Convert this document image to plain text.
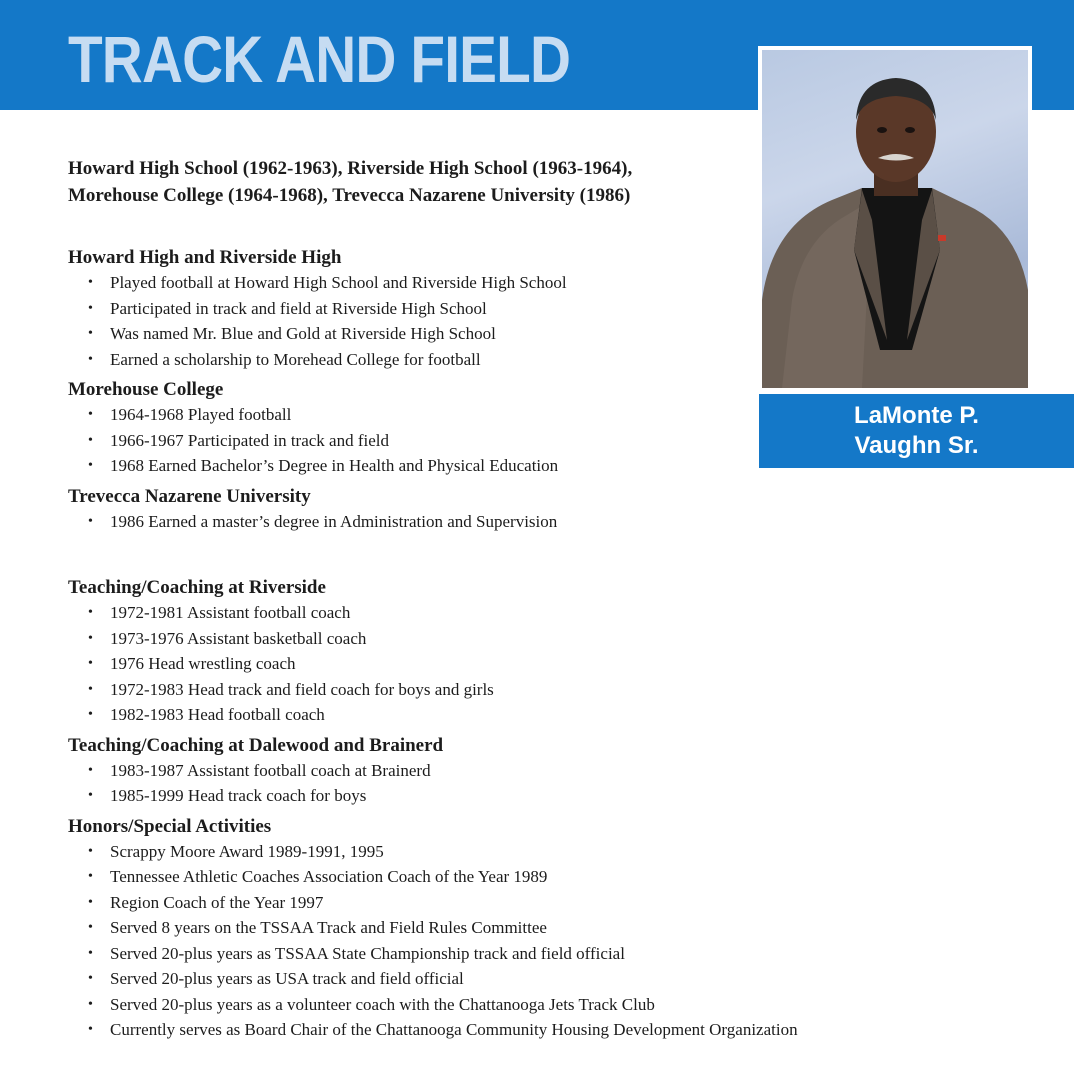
TRACK AND FIELD
LaMonte P.
Vaughn Sr.

Howard High School (1962-1963), Riverside High School (1963-1964),
Morehouse College (1964-1968), Trevecca Nazarene University (1986)

Howard High and Riverside High
• Played football at Howard High School and Riverside High School
• Participated in track and field at Riverside High School
• Was named Mr. Blue and Gold at Riverside High School
• Earned a scholarship to Morehead College for football
Morehouse College
• 1964-1968 Played football
• 1966-1967 Participated in track and field
• 1968 Earned Bachelor’s Degree in Health and Physical Education
Trevecca Nazarene University
• 1986 Earned a master’s degree in Administration and Supervision
Teaching/Coaching at Riverside
• 1972-1981 Assistant football coach
• 1973-1976 Assistant basketball coach
• 1976 Head wrestling coach
• 1972-1983 Head track and field coach for boys and girls
• 1982-1983 Head football coach
Teaching/Coaching at Dalewood and Brainerd
• 1983-1987 Assistant football coach at Brainerd
• 1985-1999 Head track coach for boys
Honors/Special Activities
• Scrappy Moore Award 1989-1991, 1995
• Tennessee Athletic Coaches Association Coach of the Year 1989
• Region Coach of the Year 1997
• Served 8 years on the TSSAA Track and Field Rules Committee
• Served 20-plus years as TSSAA State Championship track and field official
• Served 20-plus years as USA track and field official
• Served 20-plus years as a volunteer coach with the Chattanooga Jets Track Club
• Currently serves as Board Chair of the Chattanooga Community Housing Development Organization
